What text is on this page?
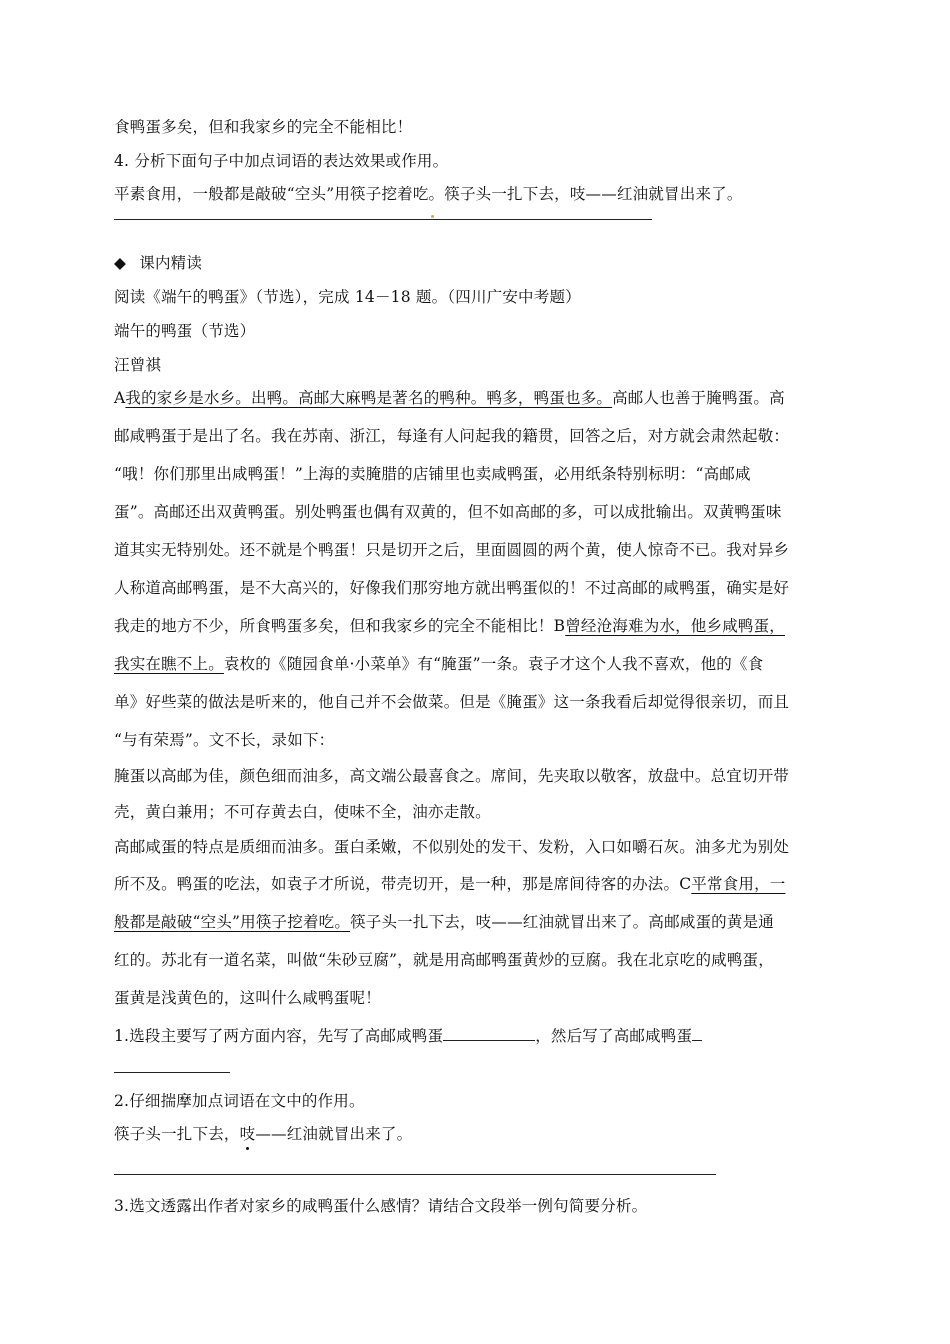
食鸭蛋多矣，但和我家乡的完全不能相比！
4. 分析下面句子中加点词语的表达效果或作用。
平素食用，一般都是敲破“空头”用筷子挖着吃。筷子头一扎下去，吱——红油就冒出来了。
◆ 课内精读
阅读《端午的鸭蛋》（节选），完成 14－18 题。（四川广安中考题）
端午的鸭蛋（节选）
汪曾祺
A我的家乡是水乡。出鸭。高邮大麻鸭是著名的鸭种。鸭多，鸭蛋也多。高邮人也善于腌鸭蛋。高
邮咸鸭蛋于是出了名。我在苏南、浙江，每逢有人问起我的籍贯，回答之后，对方就会肃然起敬：
“哦！你们那里出咸鸭蛋！”上海的卖腌腊的店铺里也卖咸鸭蛋，必用纸条特别标明：“高邮咸
蛋”。高邮还出双黄鸭蛋。别处鸭蛋也偶有双黄的，但不如高邮的多，可以成批输出。双黄鸭蛋味
道其实无特别处。还不就是个鸭蛋！只是切开之后，里面圆圆的两个黄，使人惊奇不已。我对异乡
人称道高邮鸭蛋，是不大高兴的，好像我们那穷地方就出鸭蛋似的！不过高邮的咸鸭蛋，确实是好
我走的地方不少，所食鸭蛋多矣，但和我家乡的完全不能相比！B曾经沧海难为水，他乡咸鸭蛋，
我实在瞧不上。袁枚的《随园食单·小菜单》有“腌蛋”一条。袁子才这个人我不喜欢，他的《食
单》好些菜的做法是听来的，他自己并不会做菜。但是《腌蛋》这一条我看后却觉得很亲切，而且
“与有荣焉”。文不长，录如下：
腌蛋以高邮为佳，颜色细而油多，高文端公最喜食之。席间，先夹取以敬客，放盘中。总宜切开带
壳，黄白兼用；不可存黄去白，使味不全，油亦走散。
高邮咸蛋的特点是质细而油多。蛋白柔嫩，不似别处的发干、发粉，入口如嚼石灰。油多尤为别处
所不及。鸭蛋的吃法，如袁子才所说，带壳切开，是一种，那是席间待客的办法。C平常食用，一
般都是敲破“空头”用筷子挖着吃。筷子头一扎下去，吱——红油就冒出来了。高邮咸蛋的黄是通
红的。苏北有一道名菜，叫做“朱砂豆腐”，就是用高邮鸭蛋黄炒的豆腐。我在北京吃的咸鸭蛋，
蛋黄是浅黄色的，这叫什么咸鸭蛋呢！
1.选段主要写了两方面内容，先写了高邮咸鸭蛋	，然后写了高邮咸鸭蛋
2.仔细揣摩加点词语在文中的作用。
筷子头一扎下去，吱——红油就冒出来了。
3.选文透露出作者对家乡的咸鸭蛋什么感情？请结合文段举一例句简要分析。
